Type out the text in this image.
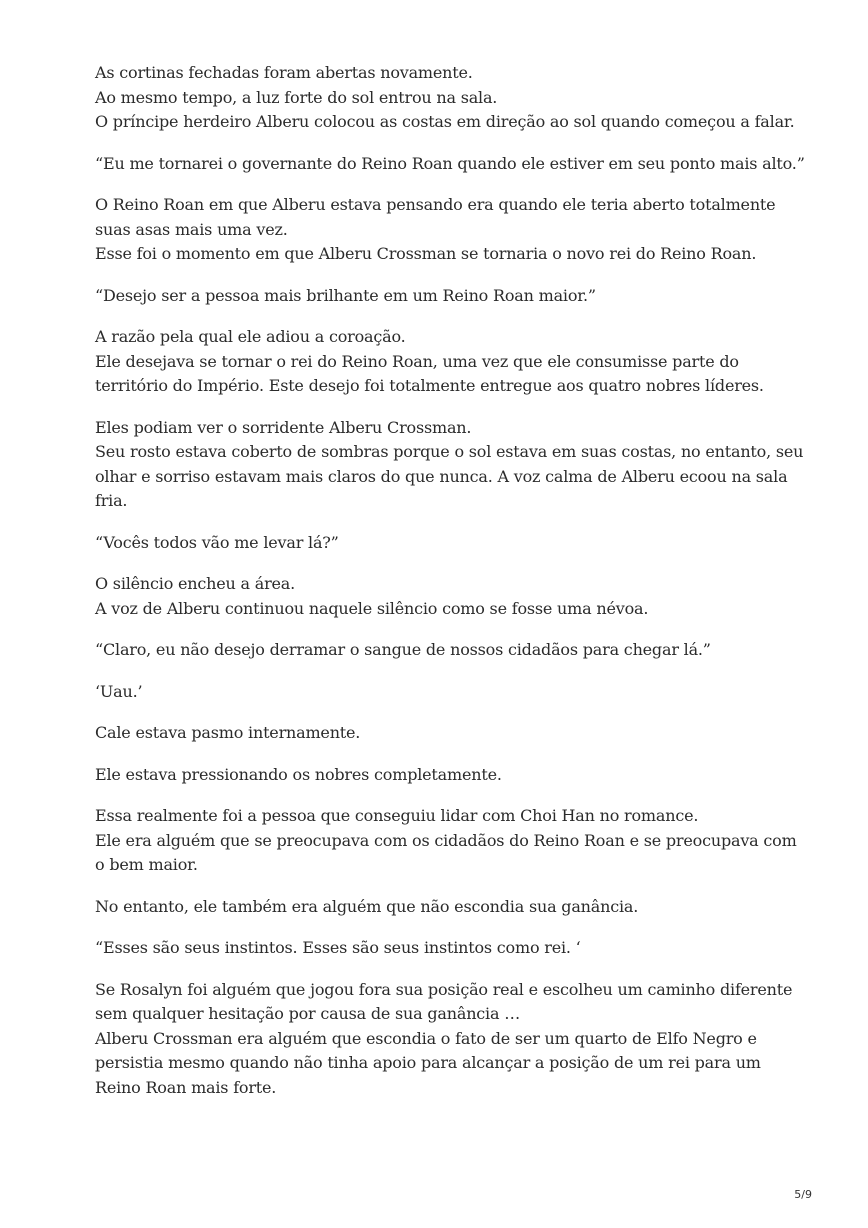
As cortinas fechadas foram abertas novamente.
Ao mesmo tempo, a luz forte do sol entrou na sala.
O príncipe herdeiro Alberu colocou as costas em direção ao sol quando começou a falar.
“Eu me tornarei o governante do Reino Roan quando ele estiver em seu ponto mais alto.”
O Reino Roan em que Alberu estava pensando era quando ele teria aberto totalmente
suas asas mais uma vez.
Esse foi o momento em que Alberu Crossman se tornaria o novo rei do Reino Roan.
“Desejo ser a pessoa mais brilhante em um Reino Roan maior.”
A razão pela qual ele adiou a coroação.
Ele desejava se tornar o rei do Reino Roan, uma vez que ele consumisse parte do
território do Império. Este desejo foi totalmente entregue aos quatro nobres líderes.
Eles podiam ver o sorridente Alberu Crossman.
Seu rosto estava coberto de sombras porque o sol estava em suas costas, no entanto, seu
olhar e sorriso estavam mais claros do que nunca. A voz calma de Alberu ecoou na sala
fria.
“Vocês todos vão me levar lá?”
O silêncio encheu a área.
A voz de Alberu continuou naquele silêncio como se fosse uma névoa.
“Claro, eu não desejo derramar o sangue de nossos cidadãos para chegar lá.”
‘Uau.’
Cale estava pasmo internamente.
Ele estava pressionando os nobres completamente.
Essa realmente foi a pessoa que conseguiu lidar com Choi Han no romance.
Ele era alguém que se preocupava com os cidadãos do Reino Roan e se preocupava com
o bem maior.
No entanto, ele também era alguém que não escondia sua ganância.
“Esses são seus instintos. Esses são seus instintos como rei. ‘
Se Rosalyn foi alguém que jogou fora sua posição real e escolheu um caminho diferente
sem qualquer hesitação por causa de sua ganância …
Alberu Crossman era alguém que escondia o fato de ser um quarto de Elfo Negro e
persistia mesmo quando não tinha apoio para alcançar a posição de um rei para um
Reino Roan mais forte.
5/9
